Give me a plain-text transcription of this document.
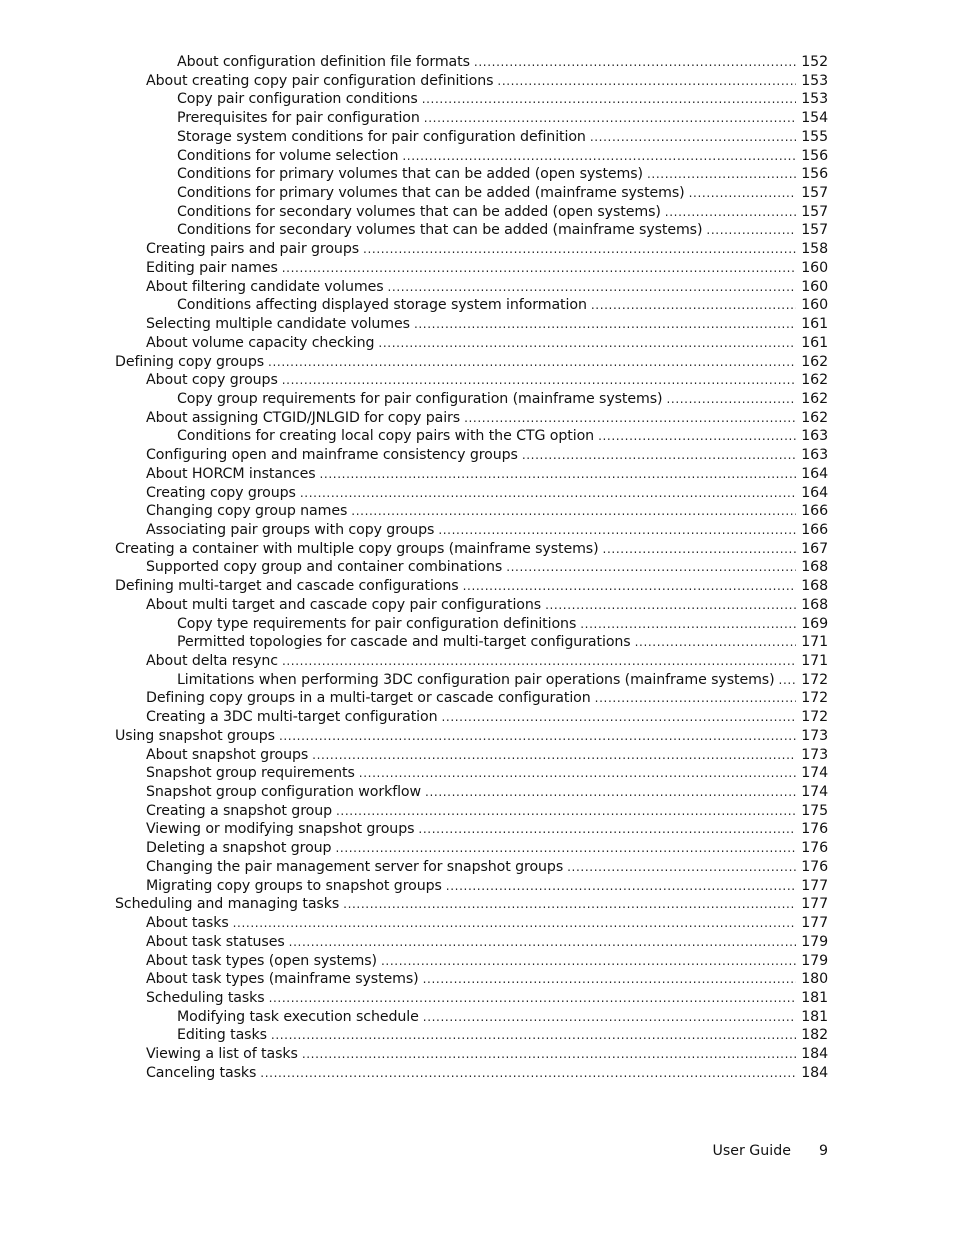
About configuration definition file formats . . .	152
About creating copy pair configuration definitions . . .	153
Copy pair configuration conditions . . .	153
Prerequisites for pair configuration . . .	154
Storage system conditions for pair configuration definition . . .	155
Conditions for volume selection . . .	156
Conditions for primary volumes that can be added (open systems) . . .	156
Conditions for primary volumes that can be added (mainframe systems) . . .	157
Conditions for secondary volumes that can be added (open systems) . . .	157
Conditions for secondary volumes that can be added (mainframe systems) . . .	157
Creating pairs and pair groups . . .	158
Editing pair names . . .	160
About filtering candidate volumes . . .	160
Conditions affecting displayed storage system information . . .	160
Selecting multiple candidate volumes . . .	161
About volume capacity checking . . .	161
Defining copy groups . . .	162
About copy groups . . .	162
Copy group requirements for pair configuration (mainframe systems) . . .	162
About assigning CTGID/JNLGID for copy pairs . . .	162
Conditions for creating local copy pairs with the CTG option . . .	163
Configuring open and mainframe consistency groups . . .	163
About HORCM instances . . .	164
Creating copy groups . . .	164
Changing copy group names . . .	166
Associating pair groups with copy groups . . .	166
Creating a container with multiple copy groups (mainframe systems) . . .	167
Supported copy group and container combinations . . .	168
Defining multi-target and cascade configurations . . .	168
About multi target and cascade copy pair configurations . . .	168
Copy type requirements for pair configuration definitions . . .	169
Permitted topologies for cascade and multi-target configurations . . .	171
About delta resync . . .	171
Limitations when performing 3DC configuration pair operations (mainframe systems) . . . 172
Defining copy groups in a multi-target or cascade configuration . . .	172
Creating a 3DC multi-target configuration . . .	172
Using snapshot groups . . .	173
About snapshot groups . . .	173
Snapshot group requirements . . .	174
Snapshot group configuration workflow . . .	174
Creating a snapshot group . . .	175
Viewing or modifying snapshot groups . . .	176
Deleting a snapshot group . . .	176
Changing the pair management server for snapshot groups . . .	176
Migrating copy groups to snapshot groups . . .	177
Scheduling and managing tasks . . .	177
About tasks . . .	177
About task statuses . . .	179
About task types (open systems) . . .	179
About task types (mainframe systems) . . .	180
Scheduling tasks . . .	181
Modifying task execution schedule . . .	181
Editing tasks . . .	182
Viewing a list of tasks . . .	184
Canceling tasks . . .	184
User Guide 9
